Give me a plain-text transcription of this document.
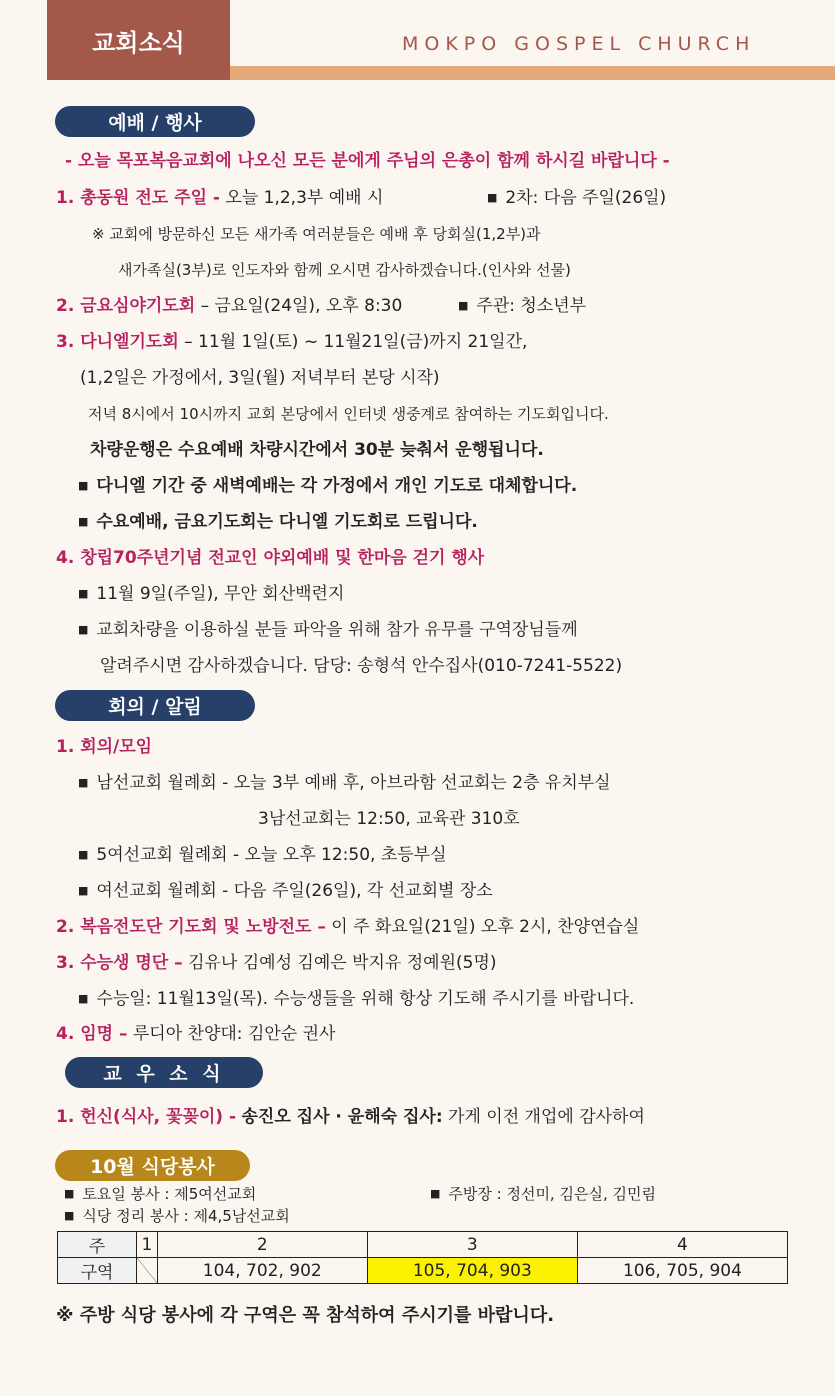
교회소식	MOKPO GOSPEL CHURCH
예배 / 행사
- 오늘 목포복음교회에 나오신 모든 분에게 주님의 은총이 함께 하시길 바랍니다 -
1. 총동원 전도 주일 - 오늘 1,2,3부 예배 시	■ 2차: 다음 주일(26일)
※ 교회에 방문하신 모든 새가족 여러분들은 예배 후 당회실(1,2부)과
새가족실(3부)로 인도자와 함께 오시면 감사하겠습니다.(인사와 선물)
2. 금요심야기도회 – 금요일(24일), 오후 8:30	■ 주관: 청소년부
3. 다니엘기도회 – 11월 1일(토) ~ 11월21일(금)까지 21일간,
(1,2일은 가정에서, 3일(월) 저녁부터 본당 시작)
저녁 8시에서 10시까지 교회 본당에서 인터넷 생중계로 참여하는 기도회입니다.
차량운행은 수요예배 차량시간에서 30분 늦춰서 운행됩니다.
■ 다니엘 기간 중 새벽예배는 각 가정에서 개인 기도로 대체합니다.
■ 수요예배, 금요기도회는 다니엘 기도회로 드립니다.
4. 창립70주년기념 전교인 야외예배 및 한마음 걷기 행사
■ 11월 9일(주일), 무안 회산백련지
■ 교회차량을 이용하실 분들 파악을 위해 참가 유무를 구역장님들께
알려주시면 감사하겠습니다. 담당: 송형석 안수집사(010-7241-5522)
회의 / 알림
1. 회의/모임
■ 남선교회 월례회 - 오늘 3부 예배 후, 아브라함 선교회는 2층 유치부실
3남선교회는 12:50, 교육관 310호
■ 5여선교회 월례회 - 오늘 오후 12:50, 초등부실
■ 여선교회 월례회 - 다음 주일(26일), 각 선교회별 장소
2. 복음전도단 기도회 및 노방전도 – 이 주 화요일(21일) 오후 2시, 찬양연습실
3. 수능생 명단 – 김유나 김예성 김예은 박지유 정예원(5명)
■ 수능일: 11월13일(목). 수능생들을 위해 항상 기도해 주시기를 바랍니다.
4. 임명 – 루디아 찬양대: 김안순 권사
교 우 소 식
1. 헌신(식사, 꽃꽂이) - 송진오 집사 · 윤해숙 집사: 가게 이전 개업에 감사하여
10월 식당봉사
■ 토요일 봉사 : 제5여선교회	■ 주방장 : 정선미, 김은실, 김민림
■ 식당 정리 봉사 : 제4,5남선교회
주	1	2	3	4
구역		104, 702, 902	105, 704, 903	106, 705, 904
※ 주방 식당 봉사에 각 구역은 꼭 참석하여 주시기를 바랍니다.
